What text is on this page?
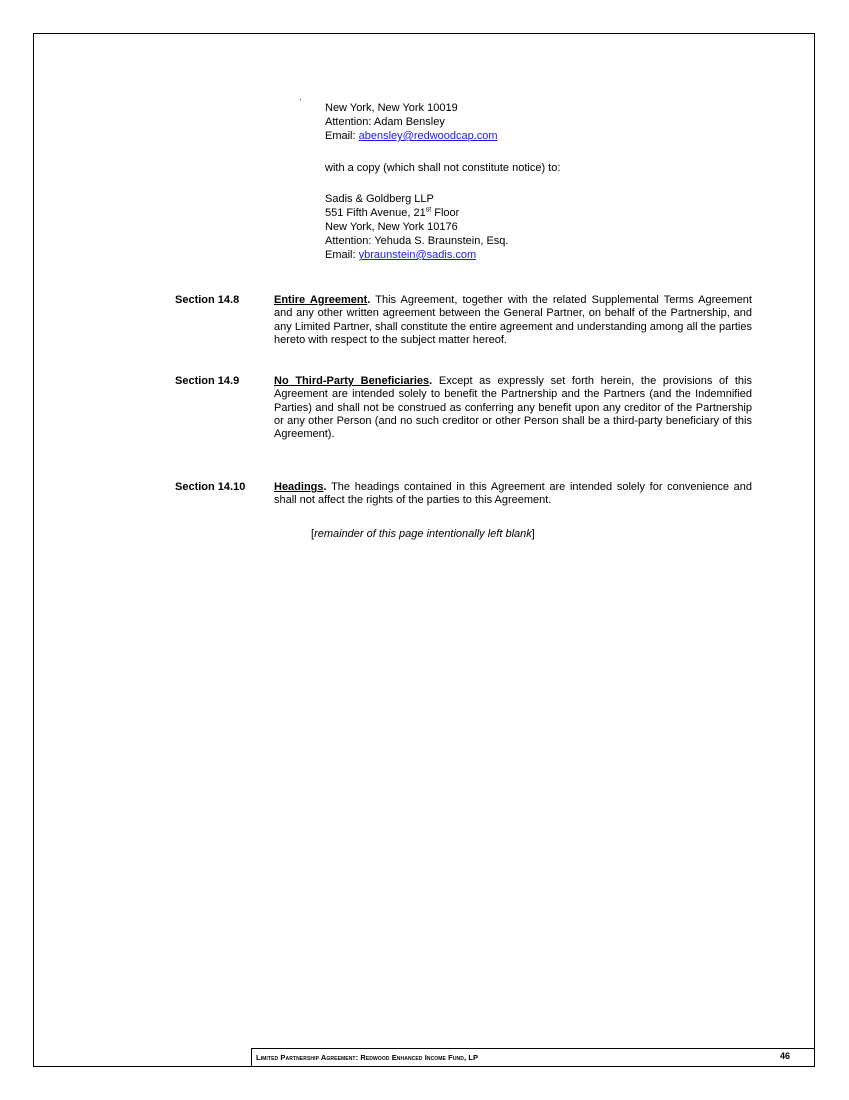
New York, New York 10019
Attention: Adam Bensley
Email: abensley@redwoodcap.com
with a copy (which shall not constitute notice) to:
Sadis & Goldberg LLP
551 Fifth Avenue, 21st Floor
New York, New York 10176
Attention: Yehuda S. Braunstein, Esq.
Email: ybraunstein@sadis.com
Section 14.8	Entire Agreement. This Agreement, together with the related Supplemental Terms Agreement and any other written agreement between the General Partner, on behalf of the Partnership, and any Limited Partner, shall constitute the entire agreement and understanding among all the parties hereto with respect to the subject matter hereof.
Section 14.9	No Third-Party Beneficiaries. Except as expressly set forth herein, the provisions of this Agreement are intended solely to benefit the Partnership and the Partners (and the Indemnified Parties) and shall not be construed as conferring any benefit upon any creditor of the Partnership or any other Person (and no such creditor or other Person shall be a third-party beneficiary of this Agreement).
Section 14.10	Headings. The headings contained in this Agreement are intended solely for convenience and shall not affect the rights of the parties to this Agreement.
[remainder of this page intentionally left blank]
Limited Partnership Agreement: Redwood Enhanced Income Fund, LP	46
